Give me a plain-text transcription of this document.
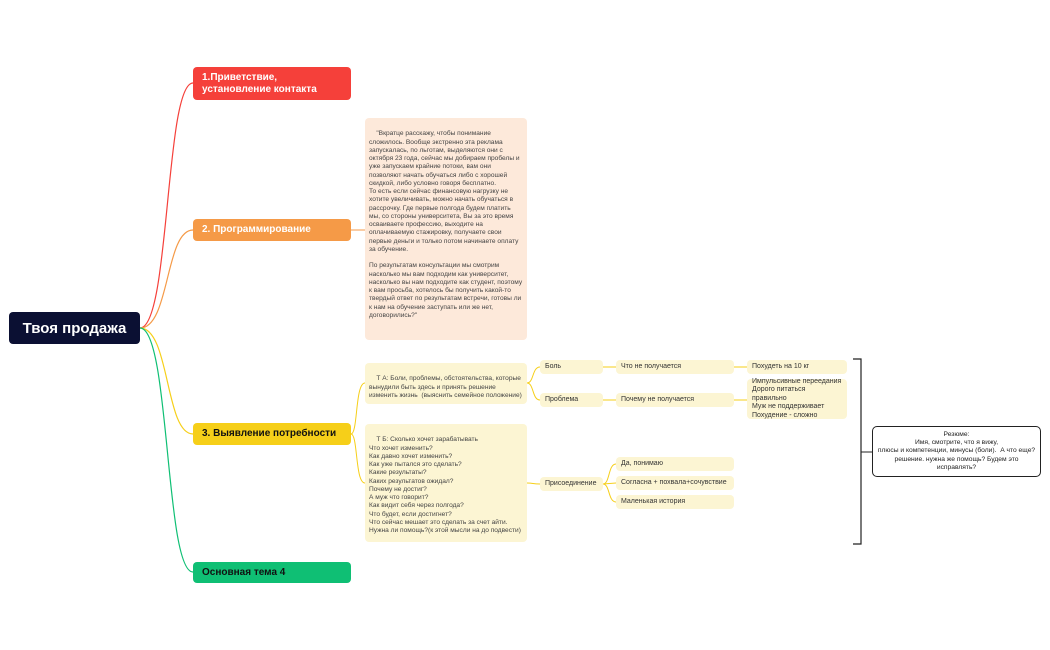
Твоя продажа
1.Приветствие, установление контакта
2. Программирование
3. Выявление потребности
Основная тема 4

"Вкратце расскажу, чтобы понимание сложилось. Вообще экстренно эта реклама запускалась, по льготам, выделяются они с октября 23 года, сейчас мы добираем пробелы и уже запускаем крайние потоки, вам они позволяют начать обучаться либо с хорошей скидкой, либо условно говоря бесплатно.
То есть если сейчас финансовую нагрузку не хотите увеличивать, можно начать обучаться в рассрочку. Где первые полгода будем платить мы, со стороны университета, Вы за это время осваиваете профессию, выходите на оплачиваемую стажировку, получаете свои первые деньги и только потом начинаете оплату за обучение.

По результатам консультации мы смотрим насколько мы вам подходим как университет, насколько вы нам подходите как студент, поэтому к вам просьба, хотелось бы получить какой-то твердый ответ по результатам встречи, готовы ли к нам на обучение заступать или же нет, договорились?"

Т А: Боли, проблемы, обстоятельства, которые вынудили быть здесь и принять решение изменить жизнь  (выяснить семейное положение)

Т Б: Сколько хочет зарабатывать
Что хочет изменить?
Как давно хочет изменить?
Как уже пытался это сделать?
Какие результаты?
Каких результатов ожидал?
Почему не достиг?
А муж что говорит?
Как видит себя через полгода?
Что будет, если достигнет?
Что сейчас мешает это сделать за счет айти.
Нужна ли помощь?(к этой мысли на до подвести)

Боль	Что не получается	Похудеть на 10 кг
Проблема	Почему не получается
Импульсивные переедания
Дорого питаться правильно
Муж не поддерживает
Похудение - сложно
Присоединение
Да, понимаю
Согласна + похвала+сочувствие
Маленькая история
Резюме:
Имя, смотрите, что я вижу,
плюсы и компетенции, минусы (боли).  А что еще? решение. нужна же помощь? Будем это исправлять?
